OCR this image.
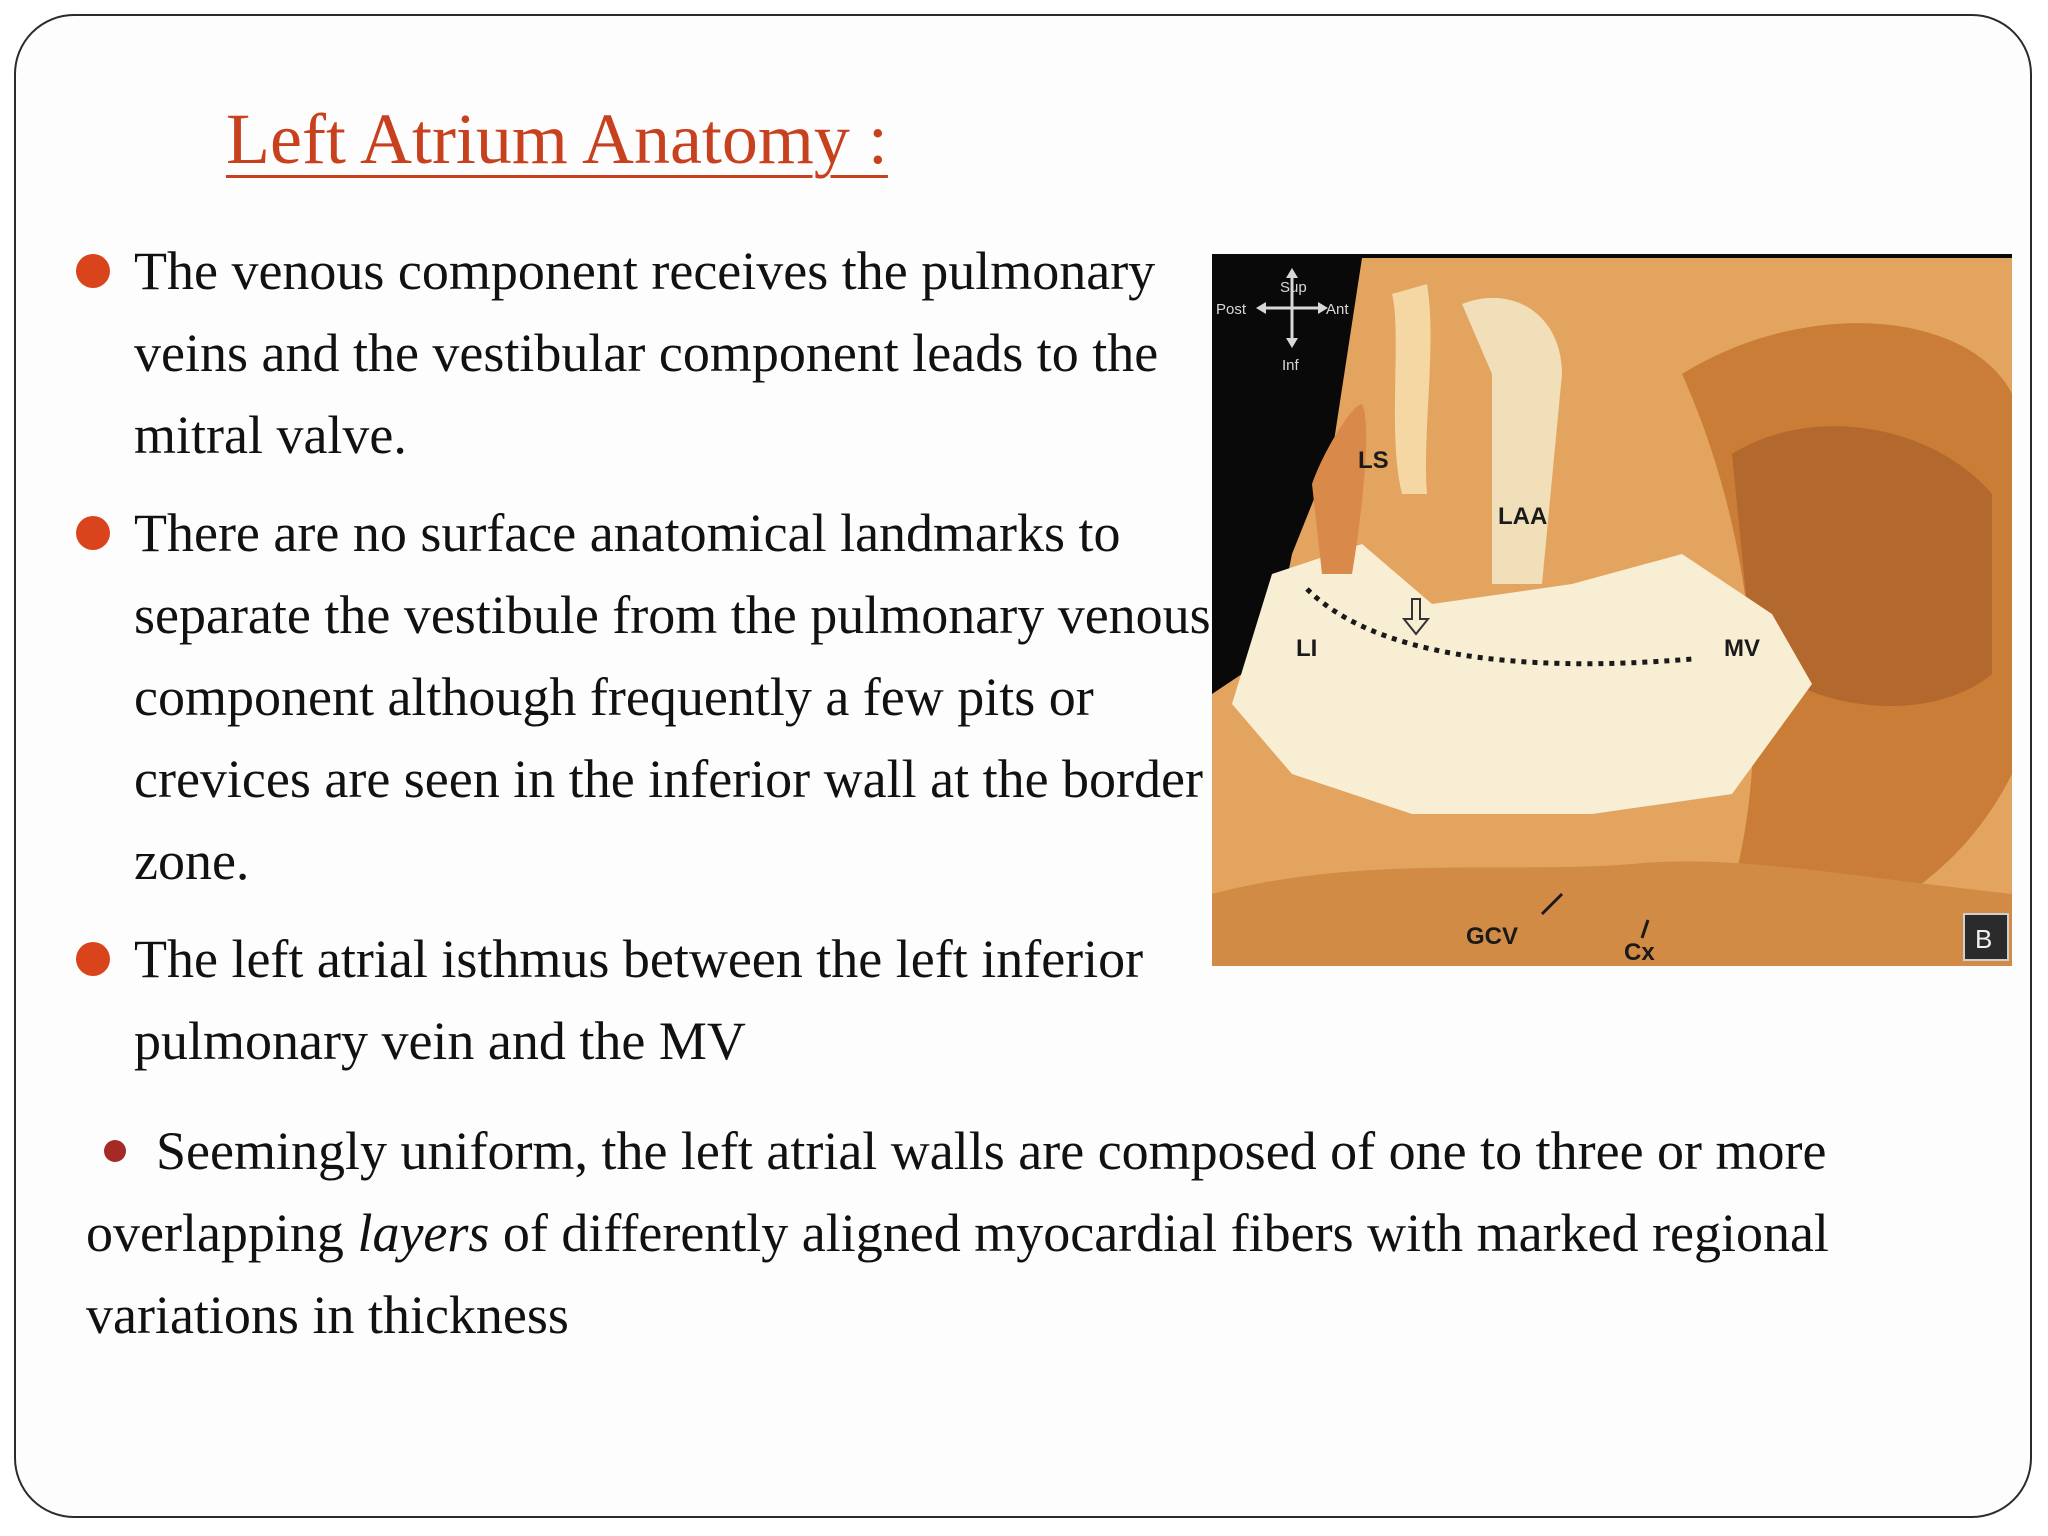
Left Atrium Anatomy :
The venous component receives the pulmonary veins and the vestibular component leads to the mitral valve.
There are no surface anatomical landmarks to separate the vestibule from the pulmonary venous component although frequently a few pits or crevices are seen in the inferior wall at the border zone.
The left atrial isthmus between the left inferior pulmonary vein and the MV
Sup
Post	Ant
Inf
LS
LAA
LI	MV
GCV
Cx	B
Seemingly uniform, the left atrial walls are composed of one to three or more overlapping layers of differently aligned myocardial fibers with marked regional variations in thickness
